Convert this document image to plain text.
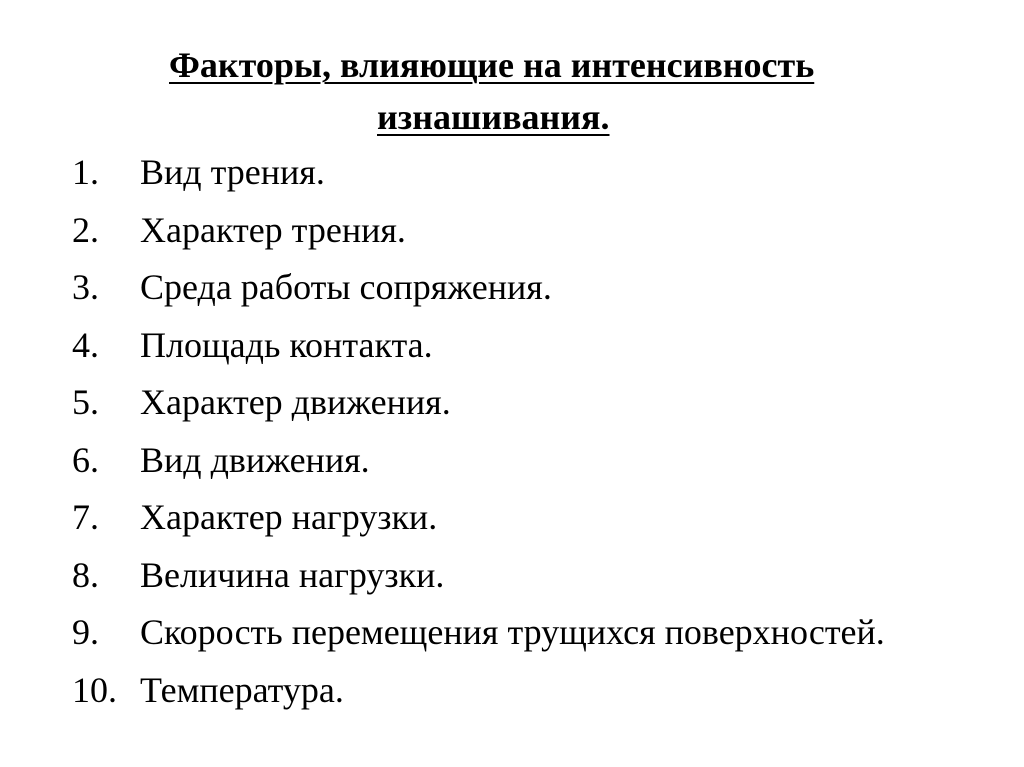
Факторы, влияющие на интенсивность
изнашивания.
1. Вид трения.
2. Характер трения.
3. Среда работы сопряжения.
4. Площадь контакта.
5. Характер движения.
6. Вид движения.
7. Характер нагрузки.
8. Величина нагрузки.
9. Скорость перемещения трущихся поверхностей.
10. Температура.
